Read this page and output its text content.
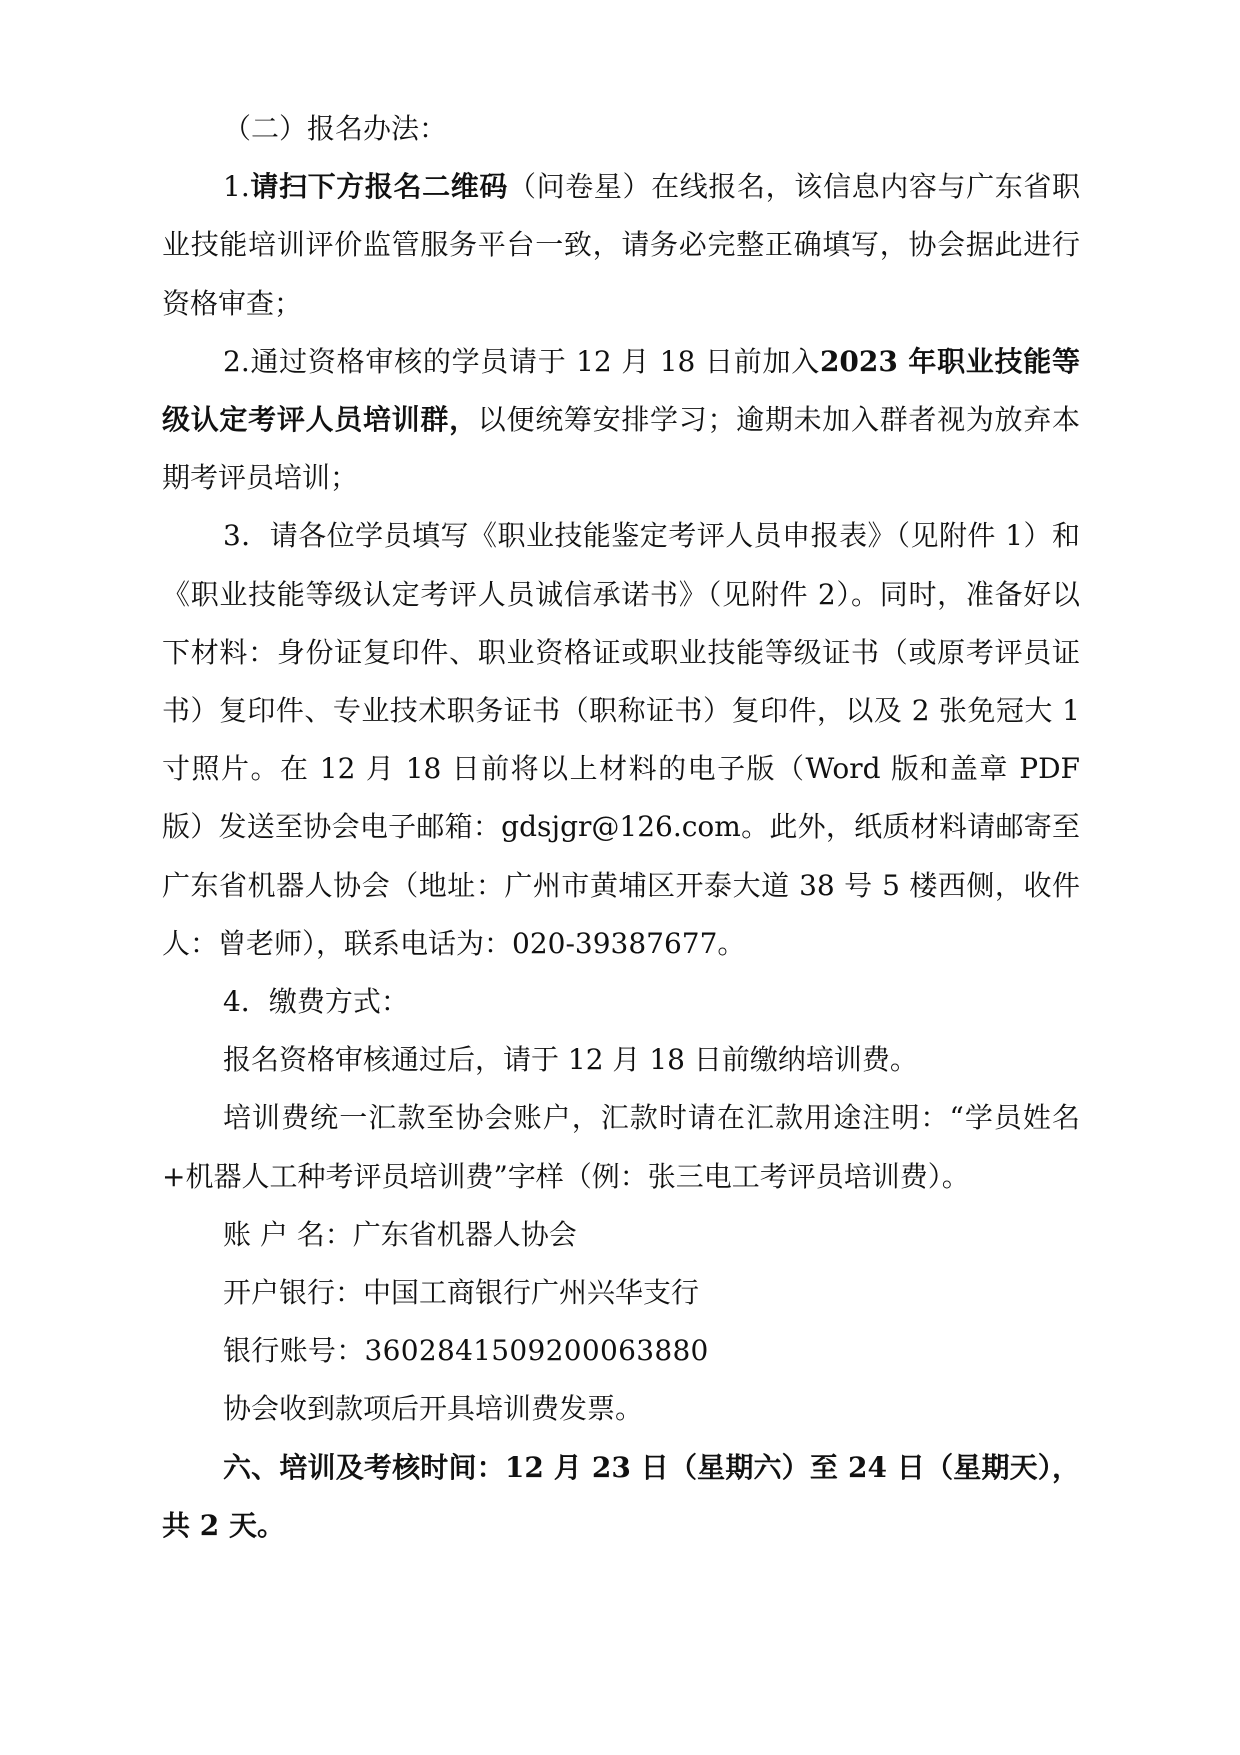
（二）报名办法：

1.请扫下方报名二维码（问卷星）在线报名，该信息内容与广东省职业技能培训评价监管服务平台一致，请务必完整正确填写，协会据此进行资格审查；

2.通过资格审核的学员请于 12 月 18 日前加入2023 年职业技能等级认定考评人员培训群，以便统筹安排学习；逾期未加入群者视为放弃本期考评员培训；

3．请各位学员填写《职业技能鉴定考评人员申报表》（见附件 1）和《职业技能等级认定考评人员诚信承诺书》（见附件 2）。同时，准备好以下材料：身份证复印件、职业资格证或职业技能等级证书（或原考评员证书）复印件、专业技术职务证书（职称证书）复印件，以及 2 张免冠大 1 寸照片。在 12 月 18 日前将以上材料的电子版（Word 版和盖章 PDF 版）发送至协会电子邮箱：gdsjgr@126.com。此外，纸质材料请邮寄至广东省机器人协会（地址：广州市黄埔区开泰大道 38 号 5 楼西侧，收件人：曾老师），联系电话为：020-39387677。

4．缴费方式：

报名资格审核通过后，请于 12 月 18 日前缴纳培训费。

培训费统一汇款至协会账户，汇款时请在汇款用途注明：“学员姓名+机器人工种考评员培训费”字样（例：张三电工考评员培训费）。

账 户 名：广东省机器人协会

开户银行：中国工商银行广州兴华支行

银行账号：3602841509200063880

协会收到款项后开具培训费发票。

六、培训及考核时间：12 月 23 日（星期六）至 24 日（星期天），共 2 天。
